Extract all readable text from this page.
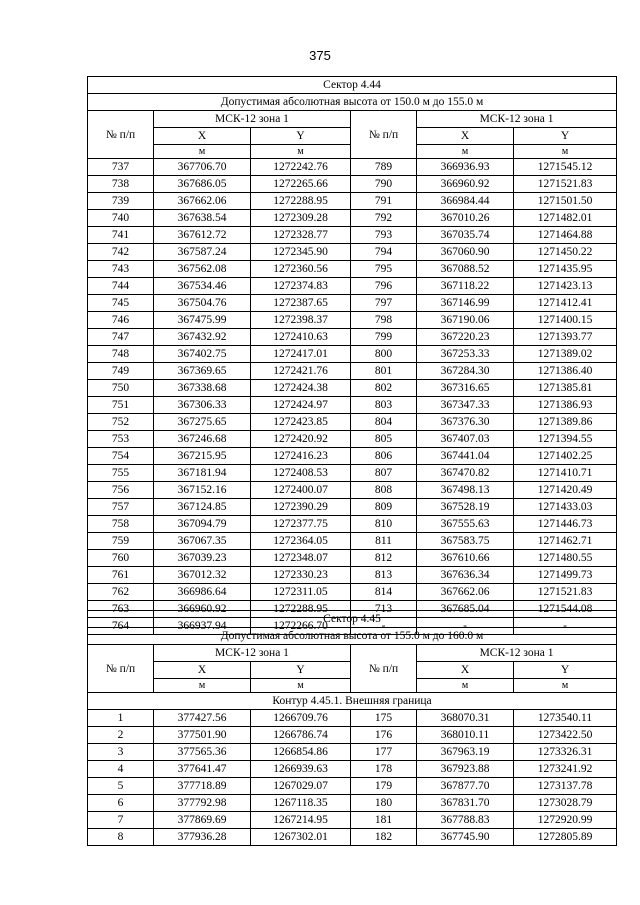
375
Сектор 4.44					
Допустимая абсолютная высота от 150.0 м до 155.0 м					
№ п/п	МСК-12 зона 1		№ п/п	МСК-12 зона 1	
	X	Y		X	Y
	м	м		м	м
737	367706.70	1272242.76	789	366936.93	1271545.12
738	367686.05	1272265.66	790	366960.92	1271521.83
739	367662.06	1272288.95	791	366984.44	1271501.50
740	367638.54	1272309.28	792	367010.26	1271482.01
741	367612.72	1272328.77	793	367035.74	1271464.88
742	367587.24	1272345.90	794	367060.90	1271450.22
743	367562.08	1272360.56	795	367088.52	1271435.95
744	367534.46	1272374.83	796	367118.22	1271423.13
745	367504.76	1272387.65	797	367146.99	1271412.41
746	367475.99	1272398.37	798	367190.06	1271400.15
747	367432.92	1272410.63	799	367220.23	1271393.77
748	367402.75	1272417.01	800	367253.33	1271389.02
749	367369.65	1272421.76	801	367284.30	1271386.40
750	367338.68	1272424.38	802	367316.65	1271385.81
751	367306.33	1272424.97	803	367347.33	1271386.93
752	367275.65	1272423.85	804	367376.30	1271389.86
753	367246.68	1272420.92	805	367407.03	1271394.55
754	367215.95	1272416.23	806	367441.04	1271402.25
755	367181.94	1272408.53	807	367470.82	1271410.71
756	367152.16	1272400.07	808	367498.13	1271420.49
757	367124.85	1272390.29	809	367528.19	1271433.03
758	367094.79	1272377.75	810	367555.63	1271446.73
759	367067.35	1272364.05	811	367583.75	1271462.71
760	367039.23	1272348.07	812	367610.66	1271480.55
761	367012.32	1272330.23	813	367636.34	1271499.73
762	366986.64	1272311.05	814	367662.06	1271521.83
763	366960.92	1272288.95	713	367685.04	1271544.08
764	366937.94	1272266.70	-	-	-
Сектор 4.45					
Допустимая абсолютная высота от 155.0 м до 160.0 м					
№ п/п	МСК-12 зона 1		№ п/п	МСК-12 зона 1	
	X	Y		X	Y
	м	м		м	м
Контур 4.45.1. Внешняя граница					
1	377427.56	1266709.76	175	368070.31	1273540.11
2	377501.90	1266786.74	176	368010.11	1273422.50
3	377565.36	1266854.86	177	367963.19	1273326.31
4	377641.47	1266939.63	178	367923.88	1273241.92
5	377718.89	1267029.07	179	367877.70	1273137.78
6	377792.98	1267118.35	180	367831.70	1273028.79
7	377869.69	1267214.95	181	367788.83	1272920.99
8	377936.28	1267302.01	182	367745.90	1272805.89
